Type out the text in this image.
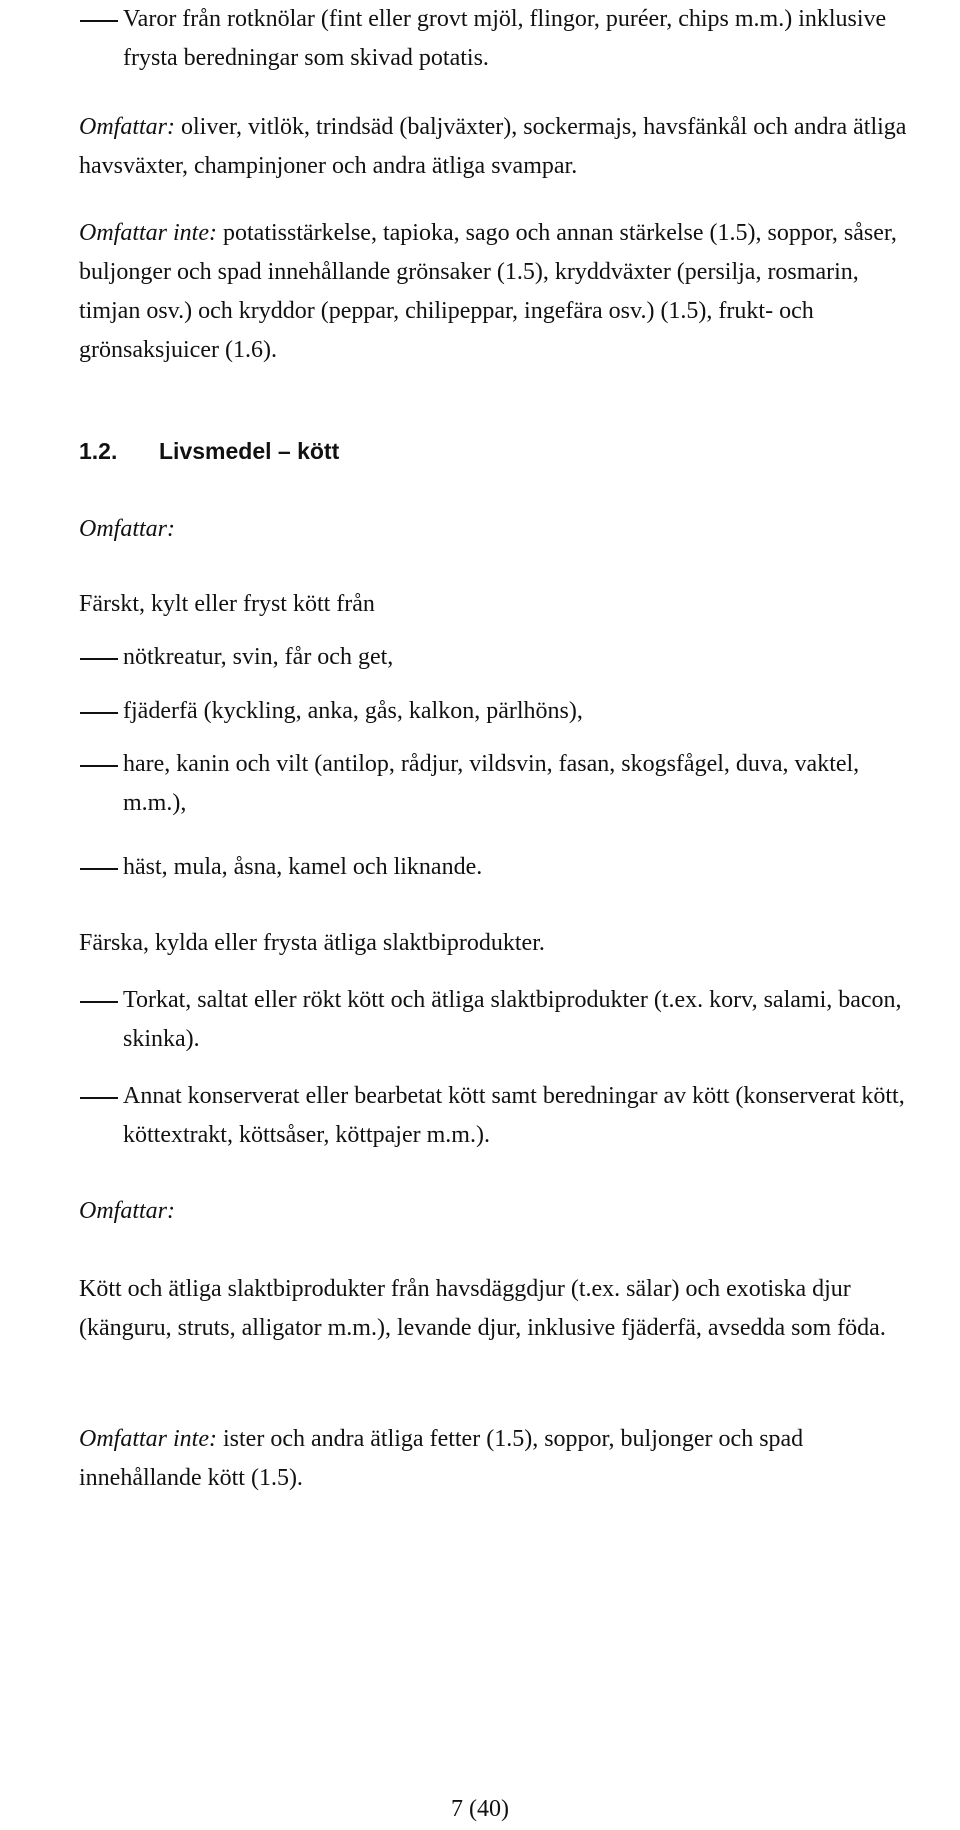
Varor från rotknölar (fint eller grovt mjöl, flingor, puréer, chips m.m.) inklusive frysta beredningar som skivad potatis.

Omfattar: oliver, vitlök, trindsäd (baljväxter), sockermajs, havsfänkål och andra ätliga havsväxter, champinjoner och andra ätliga svampar.

Omfattar inte: potatisstärkelse, tapioka, sago och annan stärkelse (1.5), soppor, såser, buljonger och spad innehållande grönsaker (1.5), kryddväxter (persilja, rosmarin, timjan osv.) och kryddor (peppar, chilipeppar, ingefära osv.) (1.5), frukt- och grönsaksjuicer (1.6).

1.2. Livsmedel – kött

Omfattar:

Färskt, kylt eller fryst kött från

nötkreatur, svin, får och get,
fjäderfä (kyckling, anka, gås, kalkon, pärlhöns),
hare, kanin och vilt (antilop, rådjur, vildsvin, fasan, skogsfågel, duva, vaktel, m.m.),
häst, mula, åsna, kamel och liknande.

Färska, kylda eller frysta ätliga slaktbiprodukter.

Torkat, saltat eller rökt kött och ätliga slaktbiprodukter (t.ex. korv, salami, bacon, skinka).
Annat konserverat eller bearbetat kött samt beredningar av kött (konserverat kött, köttextrakt, köttsåser, köttpajer m.m.).

Omfattar:

Kött och ätliga slaktbiprodukter från havsdäggdjur (t.ex. sälar) och exotiska djur (känguru, struts, alligator m.m.), levande djur, inklusive fjäderfä, avsedda som föda.

Omfattar inte: ister och andra ätliga fetter (1.5), soppor, buljonger och spad innehållande kött (1.5).

7 (40)
